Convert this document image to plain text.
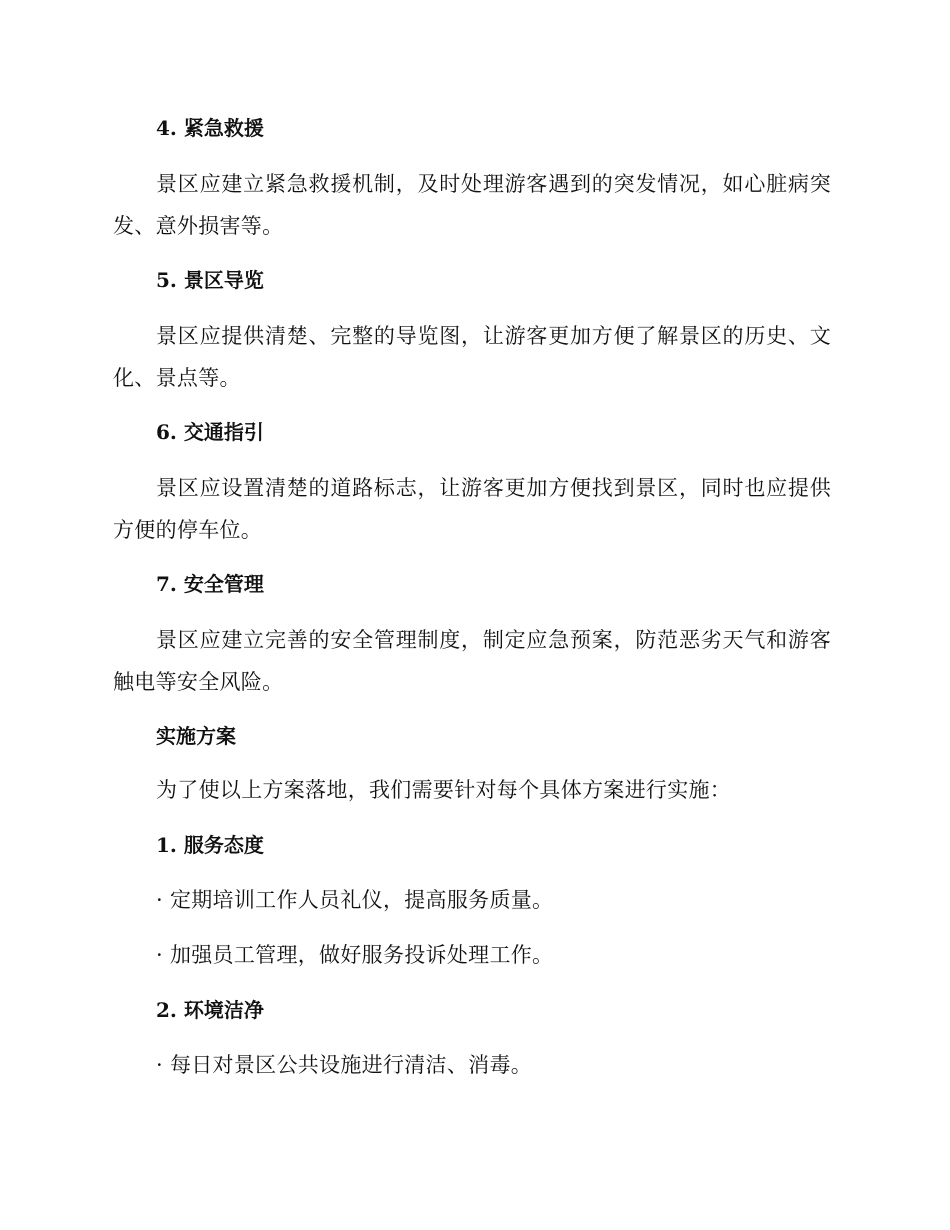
4. 紧急救援

景区应建立紧急救援机制，及时处理游客遇到的突发情况，如心脏病突发、意外损害等。

5. 景区导览

景区应提供清楚、完整的导览图，让游客更加方便了解景区的历史、文化、景点等。

6. 交通指引

景区应设置清楚的道路标志，让游客更加方便找到景区，同时也应提供方便的停车位。

7. 安全管理

景区应建立完善的安全管理制度，制定应急预案，防范恶劣天气和游客触电等安全风险。

实施方案

为了使以上方案落地，我们需要针对每个具体方案进行实施：

1. 服务态度

· 定期培训工作人员礼仪，提高服务质量。

· 加强员工管理，做好服务投诉处理工作。

2. 环境洁净

· 每日对景区公共设施进行清洁、消毒。
